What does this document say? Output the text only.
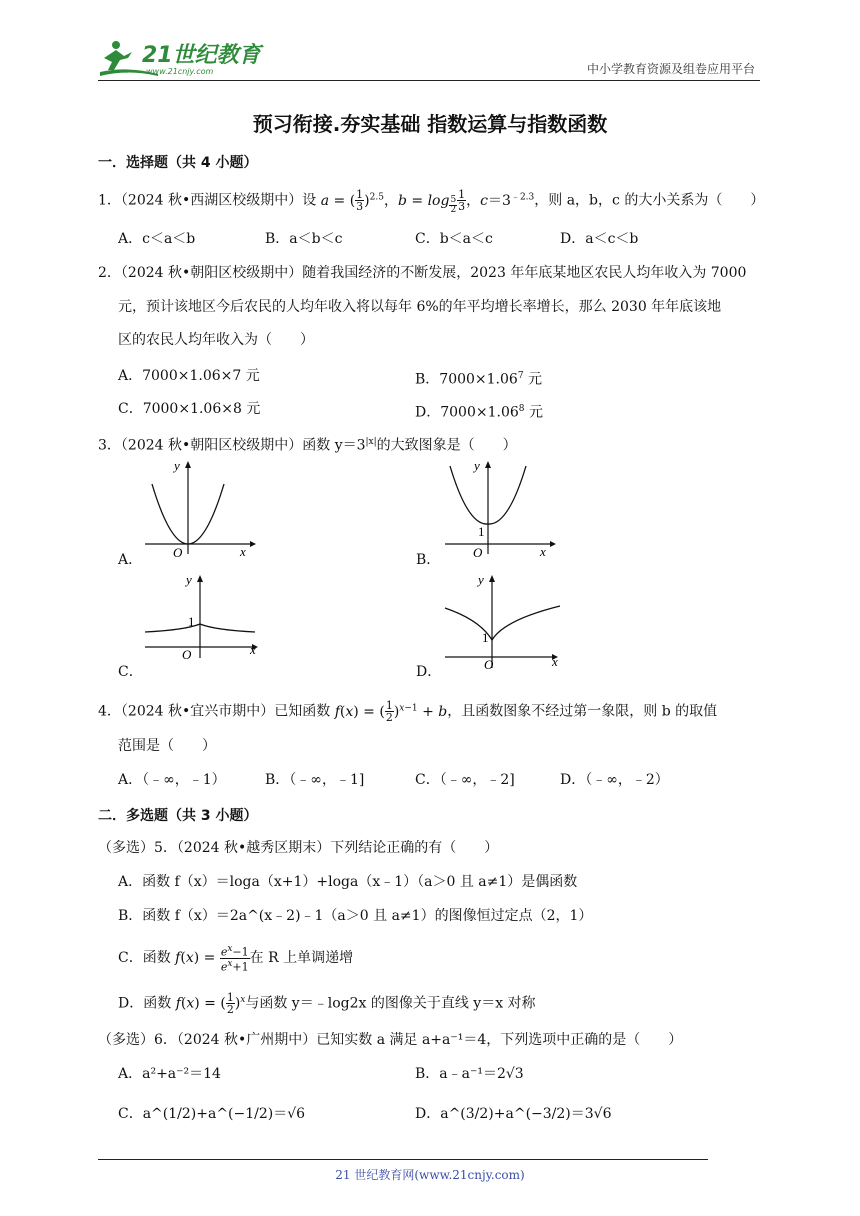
21世纪教育
www.21cnjy.com	中小学教育资源及组卷应用平台
预习衔接.夯实基础 指数运算与指数函数
一．选择题（共 4 小题）
1．（2024 秋•西湖区校级期中）设 a = ( $\frac{1}{3} )^{2.5}$，$b = \log _{\frac{5}{2}} \frac{1}{3}$ ，$c=3^{﹣2.3}$，则 a，b，c 的大小关系为（　　）
A．c＜a＜b	B．a＜b＜c	C．b＜a＜c	D．a＜c＜b
2．（2024 秋•朝阳区校级期中）随着我国经济的不断发展，2023 年年底某地区农民人均年收入为 7000
元，预计该地区今后农民的人均年收入将以每年 6%的年平均增长率增长，那么 2030 年年底该地
区的农民人均年收入为（　　）
A．7000×1.06×7 元	B．$7000\times 1.06^7$ 元
C．7000×1.06×8 元	D．$7000\times 1.06^8$ 元
3．（2024 秋•朝阳区校级期中）函数 $y=3^{|x|}$的大致图象是（　　）
y
x
O
A．
y
1
x
O
B．
y
1
x
O
C．
y
1
x
O
D．
4．（2024 秋•宜兴市期中）已知函数 f(x) = ( $\frac{1}{2} )^{x-1} + b$，且函数图象不经过第一象限，则 b 的取值
范围是（　　）
A．（﹣∞，﹣1）	B．（﹣∞，﹣1]	C．（﹣∞，﹣2]	D．（﹣∞，﹣2）
二．多选题（共 3 小题）
（多选）5．（2024 秋•越秀区期末）下列结论正确的有（　　）
A．函数 f（x）＝loga（x+1）+loga（x﹣1）（a＞0 且 a≠1）是偶函数
B．函数 f（x）＝2a^(x﹣2)﹣1（a＞0 且 a≠1）的图像恒过定点（2，1）
C．函数 $f(x) = \frac{e^x-1}{e^x+1}$ 在 R 上单调递增
D．函数 f(x) = ( $\frac{1}{2} )^x$与函数 y＝﹣log2x 的图像关于直线 y＝x 对称
（多选）6．（2024 秋•广州期中）已知实数 a 满足 a+a⁻¹＝4，下列选项中正确的是（　　）
A．a²+a⁻²＝14	B．a﹣a⁻¹＝2√3
C．a^(1/2)+a^(−1/2)＝√6	D．a^(3/2)+a^(−3/2)＝3√6
21 世纪教育网(www.21cnjy.com)
